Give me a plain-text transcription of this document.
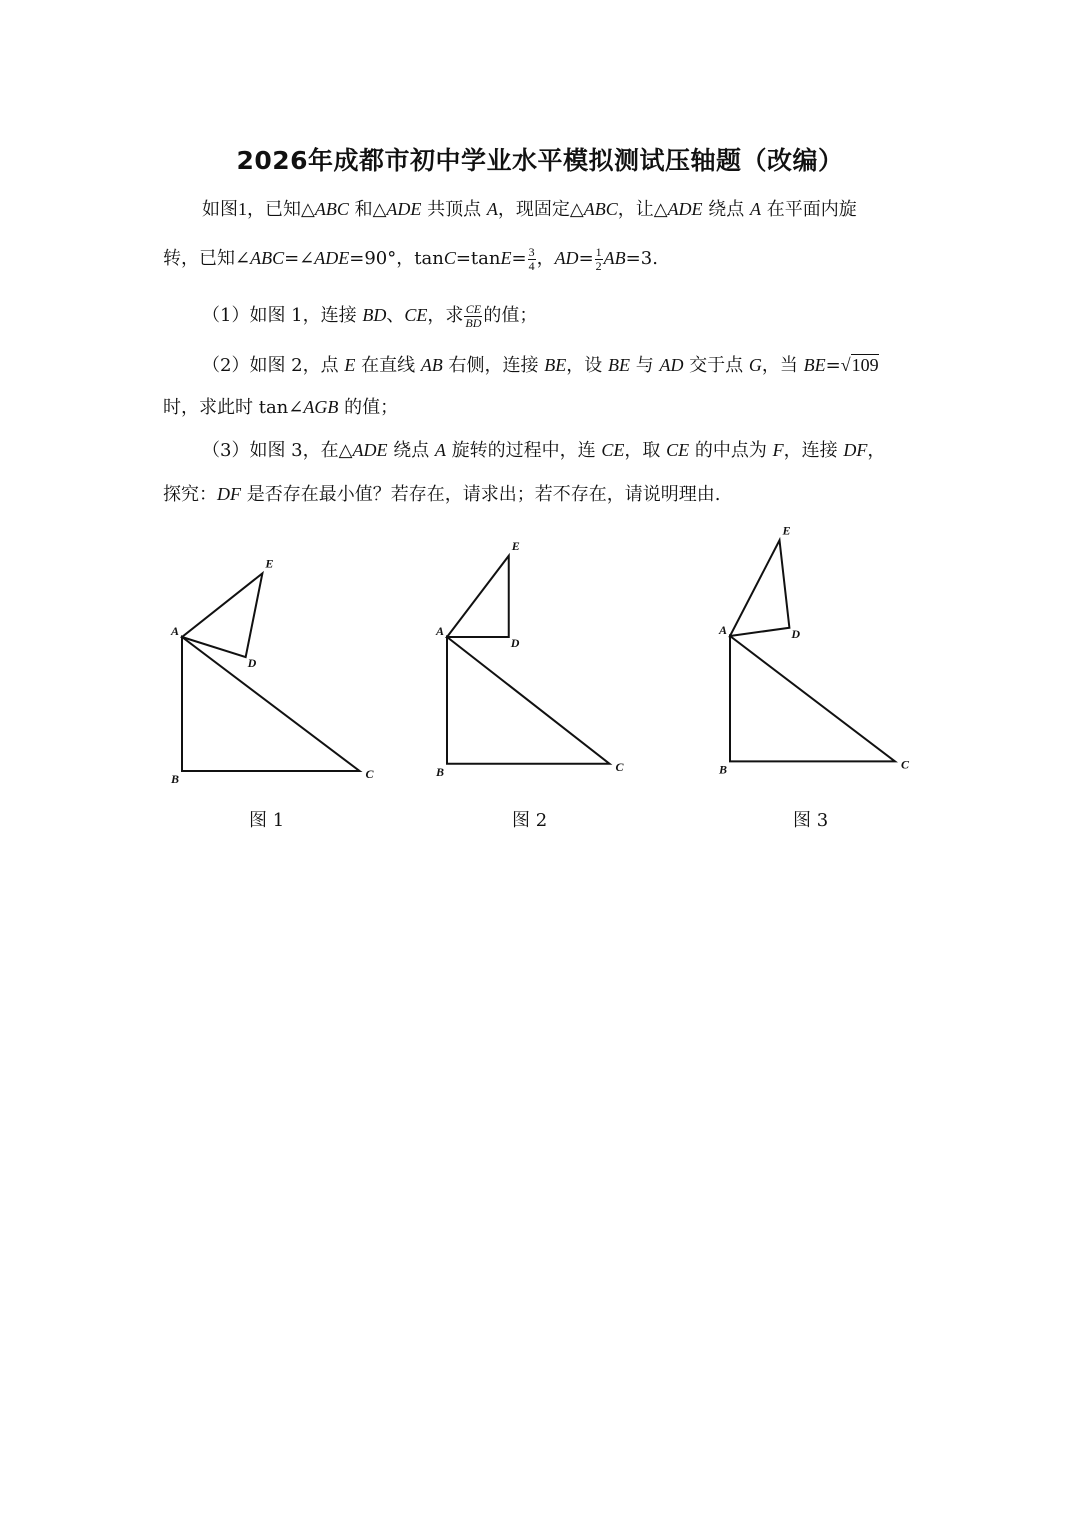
2026年成都市初中学业水平模拟测试压轴题（改编）
如图1，已知△ABC 和△ADE 共顶点 A，现固定△ABC，让△ADE 绕点 A 在平面内旋
转，已知∠ABC=∠ADE=90°，$\tan C=\tan E= \frac{3}{4}$ ，$AD= \frac{1}{2} AB=3$.
（1）如图 1，连接 BD、CE，求 $\frac{CE}{BD}$ 的值；
（2）如图 2，点 E 在直线 AB 右侧，连接 BE，设 BE 与 AD 交于点 G，当 BE=√109
时，求此时 tan∠AGB 的值；
（3）如图 3，在△ADE 绕点 A 旋转的过程中，连 CE，取 CE 的中点为 F，连接 DF，
探究：DF 是否存在最小值？若存在，请求出；若不存在，请说明理由.
A
B	C
D
E
A
B	C
D
E
A
B	C
D
E
图 1	图 2	图 3
